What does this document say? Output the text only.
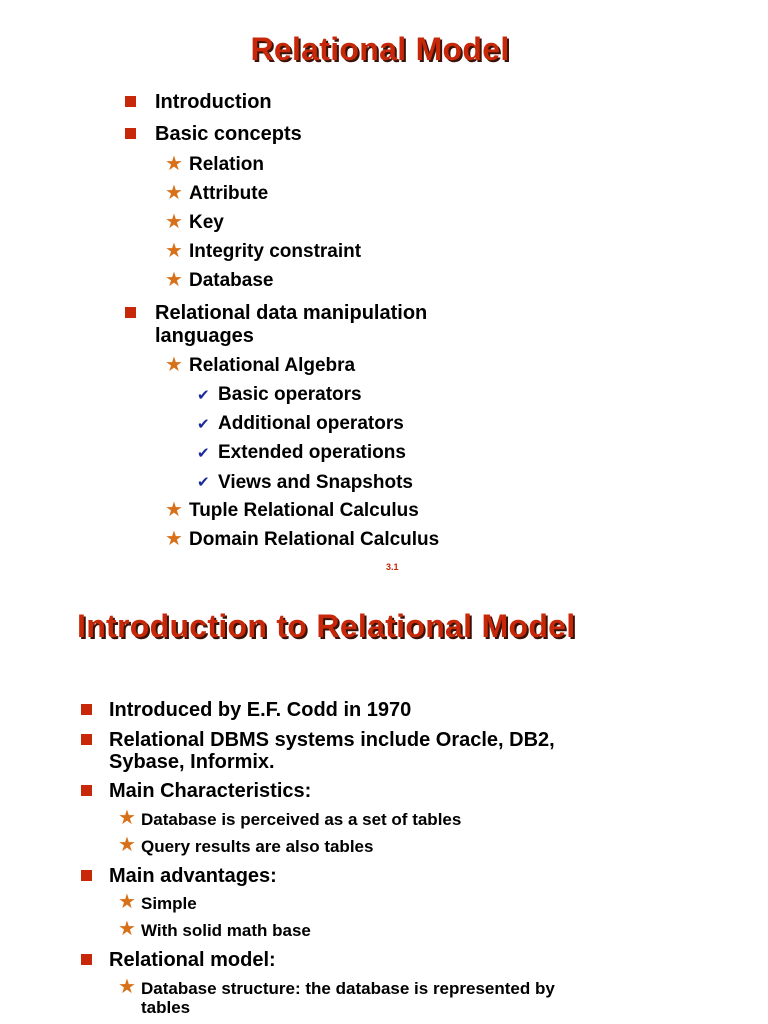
Relational Model
Introduction
Basic concepts
★ Relation
★ Attribute
★ Key
★ Integrity constraint
★ Database
Relational data manipulation
languages
★ Relational Algebra
✔ Basic operators
✔ Additional operators
✔ Extended operations
✔ Views and Snapshots
★ Tuple Relational Calculus
★ Domain Relational Calculus
3.1
Introduction to Relational Model
Introduced by E.F. Codd in 1970
Relational DBMS systems include Oracle, DB2,
Sybase, Informix.
Main Characteristics:
★ Database is perceived as a set of tables
★ Query results are also tables
Main advantages:
★ Simple
★ With solid math base
Relational model:
★ Database structure: the database is represented by
tables
